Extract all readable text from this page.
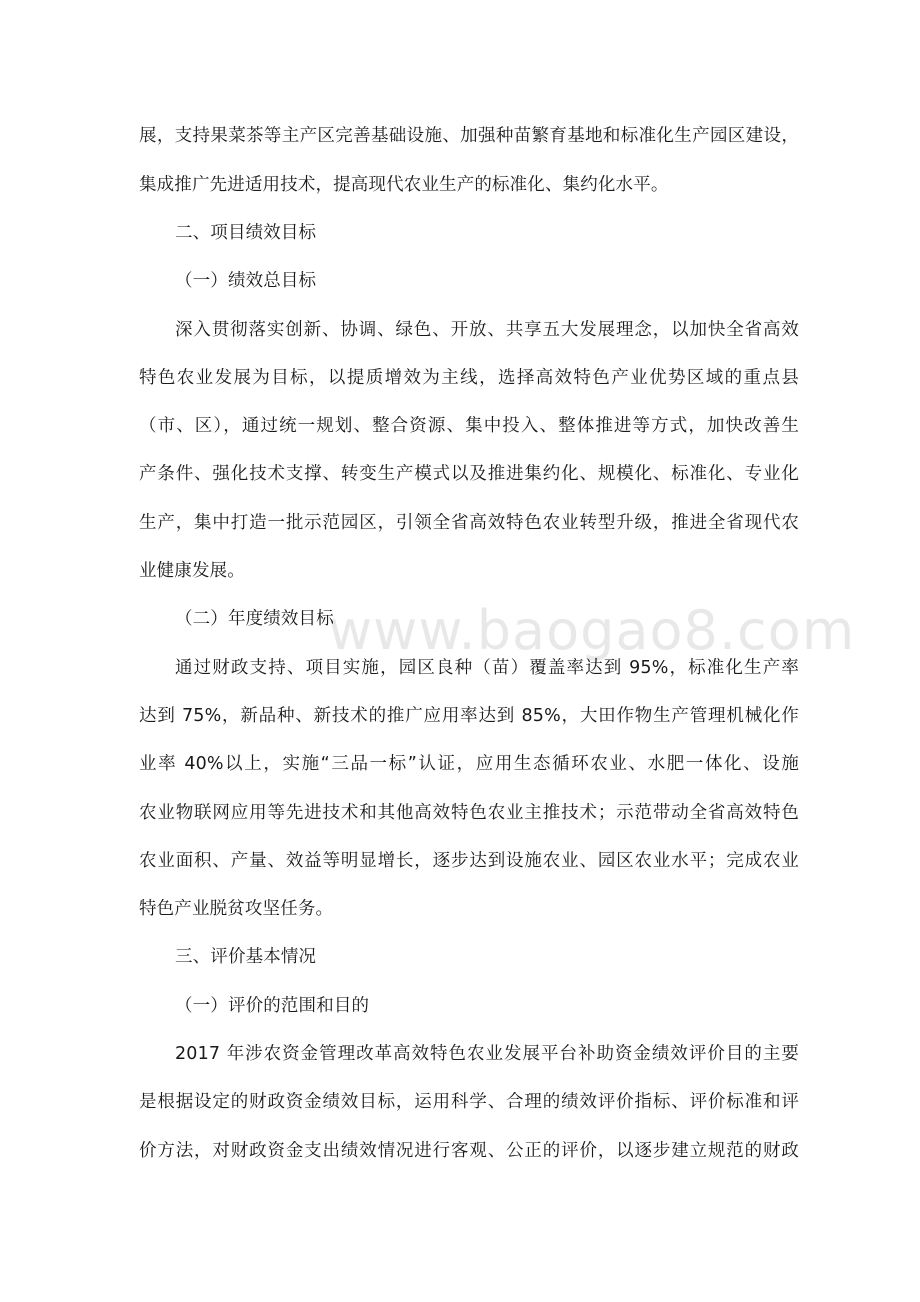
展，支持果菜茶等主产区完善基础设施、加强种苗繁育基地和标准化生产园区建设，
集成推广先进适用技术，提高现代农业生产的标准化、集约化水平。
二、项目绩效目标
（一）绩效总目标
深入贯彻落实创新、协调、绿色、开放、共享五大发展理念，以加快全省高效
特色农业发展为目标，以提质增效为主线，选择高效特色产业优势区域的重点县
（市、区），通过统一规划、整合资源、集中投入、整体推进等方式，加快改善生
产条件、强化技术支撑、转变生产模式以及推进集约化、规模化、标准化、专业化
生产，集中打造一批示范园区，引领全省高效特色农业转型升级，推进全省现代农
业健康发展。
（二）年度绩效目标
通过财政支持、项目实施，园区良种（苗）覆盖率达到 95%，标准化生产率
达到 75%，新品种、新技术的推广应用率达到 85%，大田作物生产管理机械化作
业率 40%以上，实施“三品一标”认证，应用生态循环农业、水肥一体化、设施
农业物联网应用等先进技术和其他高效特色农业主推技术；示范带动全省高效特色
农业面积、产量、效益等明显增长，逐步达到设施农业、园区农业水平；完成农业
特色产业脱贫攻坚任务。
三、评价基本情况
（一）评价的范围和目的
2017 年涉农资金管理改革高效特色农业发展平台补助资金绩效评价目的主要
是根据设定的财政资金绩效目标，运用科学、合理的绩效评价指标、评价标准和评
价方法，对财政资金支出绩效情况进行客观、公正的评价，以逐步建立规范的财政
www.baogao8.com
